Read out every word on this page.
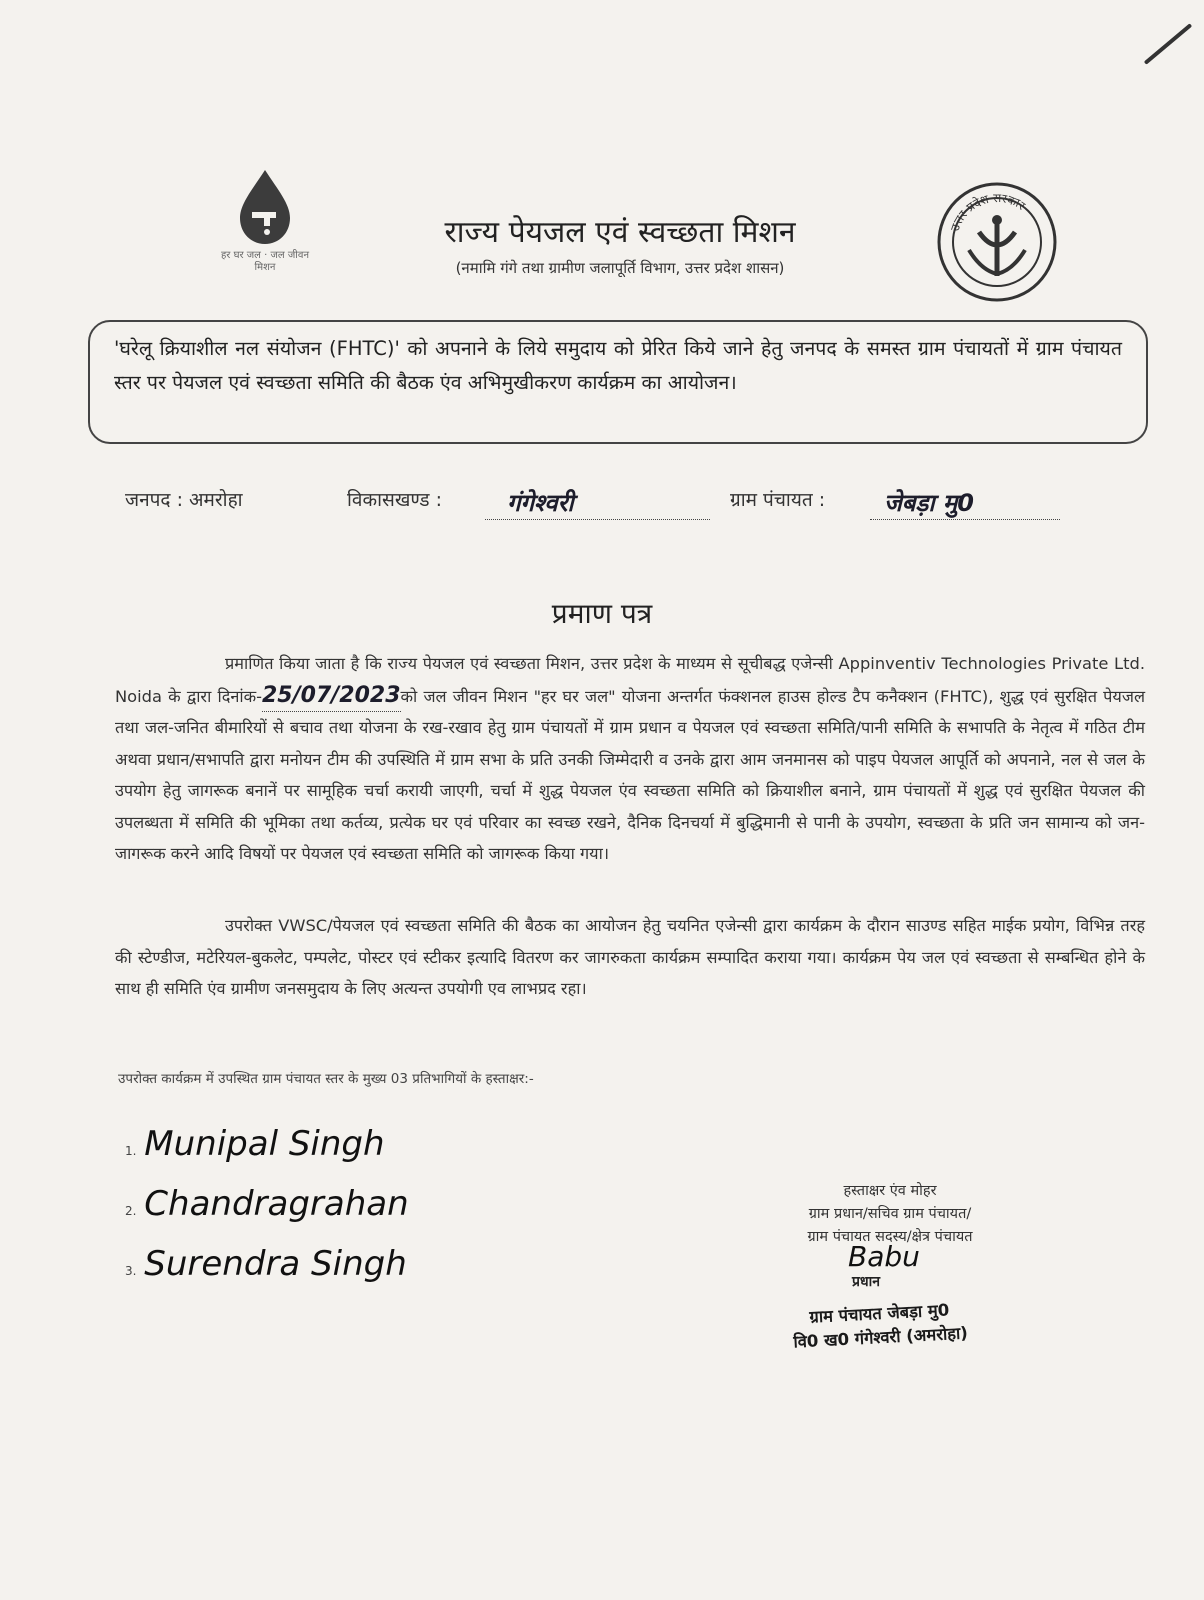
हर घर जल · जल जीवन मिशन
राज्य पेयजल एवं स्वच्छता मिशन
(नमामि गंगे तथा ग्रामीण जलापूर्ति विभाग, उत्तर प्रदेश शासन)
उत्तर प्रदेश सरकार
'घरेलू क्रियाशील नल संयोजन (FHTC)' को अपनाने के लिये समुदाय को प्रेरित किये जाने हेतु जनपद के समस्त ग्राम पंचायतों में ग्राम पंचायत स्तर पर पेयजल एवं स्वच्छता समिति की बैठक एंव अभिमुखीकरण कार्यक्रम का आयोजन।
जनपद : अमरोहा	विकासखण्ड :	गंगेश्वरी	ग्राम पंचायत :	जेबड़ा मु0
प्रमाण पत्र
प्रमाणित किया जाता है कि राज्य पेयजल एवं स्वच्छता मिशन, उत्तर प्रदेश के माध्यम से सूचीबद्ध एजेन्सी Appinventiv Technologies Private Ltd. Noida के द्वारा दिनांक-25/07/2023को जल जीवन मिशन "हर घर जल" योजना अन्तर्गत फंक्शनल हाउस होल्ड टैप कनैक्शन (FHTC), शुद्ध एवं सुरक्षित पेयजल तथा जल-जनित बीमारियों से बचाव तथा योजना के रख-रखाव हेतु ग्राम पंचायतों में ग्राम प्रधान व पेयजल एवं स्वच्छता समिति/पानी समिति के सभापति के नेतृत्व में गठित टीम अथवा प्रधान/सभापति द्वारा मनोयन टीम की उपस्थिति में ग्राम सभा के प्रति उनकी जिम्मेदारी व उनके द्वारा आम जनमानस को पाइप पेयजल आपूर्ति को अपनाने, नल से जल के उपयोग हेतु जागरूक बनानें पर सामूहिक चर्चा करायी जाएगी, चर्चा में शुद्ध पेयजल एंव स्वच्छता समिति को क्रियाशील बनाने, ग्राम पंचायतों में शुद्ध एवं सुरक्षित पेयजल की उपलब्धता में समिति की भूमिका तथा कर्तव्य, प्रत्येक घर एवं परिवार का स्वच्छ रखने, दैनिक दिनचर्या में बुद्धिमानी से पानी के उपयोग, स्वच्छता के प्रति जन सामान्य को जन-जागरूक करने आदि विषयों पर पेयजल एवं स्वच्छता समिति को जागरूक किया गया।
उपरोक्त VWSC/पेयजल एवं स्वच्छता समिति की बैठक का आयोजन हेतु चयनित एजेन्सी द्वारा कार्यक्रम के दौरान साउण्ड सहित माईक प्रयोग, विभिन्न तरह की स्टेण्डीज, मटेरियल-बुकलेट, पम्पलेट, पोस्टर एवं स्टीकर इत्यादि वितरण कर जागरुकता कार्यक्रम सम्पादित कराया गया। कार्यक्रम पेय जल एवं स्वच्छता से सम्बन्धित होने के साथ ही समिति एंव ग्रामीण जनसमुदाय के लिए अत्यन्त उपयोगी एव लाभप्रद रहा।
उपरोक्त कार्यक्रम में उपस्थित ग्राम पंचायत स्तर के मुख्य 03 प्रतिभागियों के हस्ताक्षर:-
1. Munipal Singh
2. Chandragrahan
3. Surendra Singh
हस्ताक्षर एंव मोहर
ग्राम प्रधान/सचिव ग्राम पंचायत/
ग्राम पंचायत सदस्य/क्षेत्र पंचायत
Babu
प्रधान
ग्राम पंचायत जेबड़ा मु0
वि0 ख0 गंगेश्वरी (अमरोहा)
